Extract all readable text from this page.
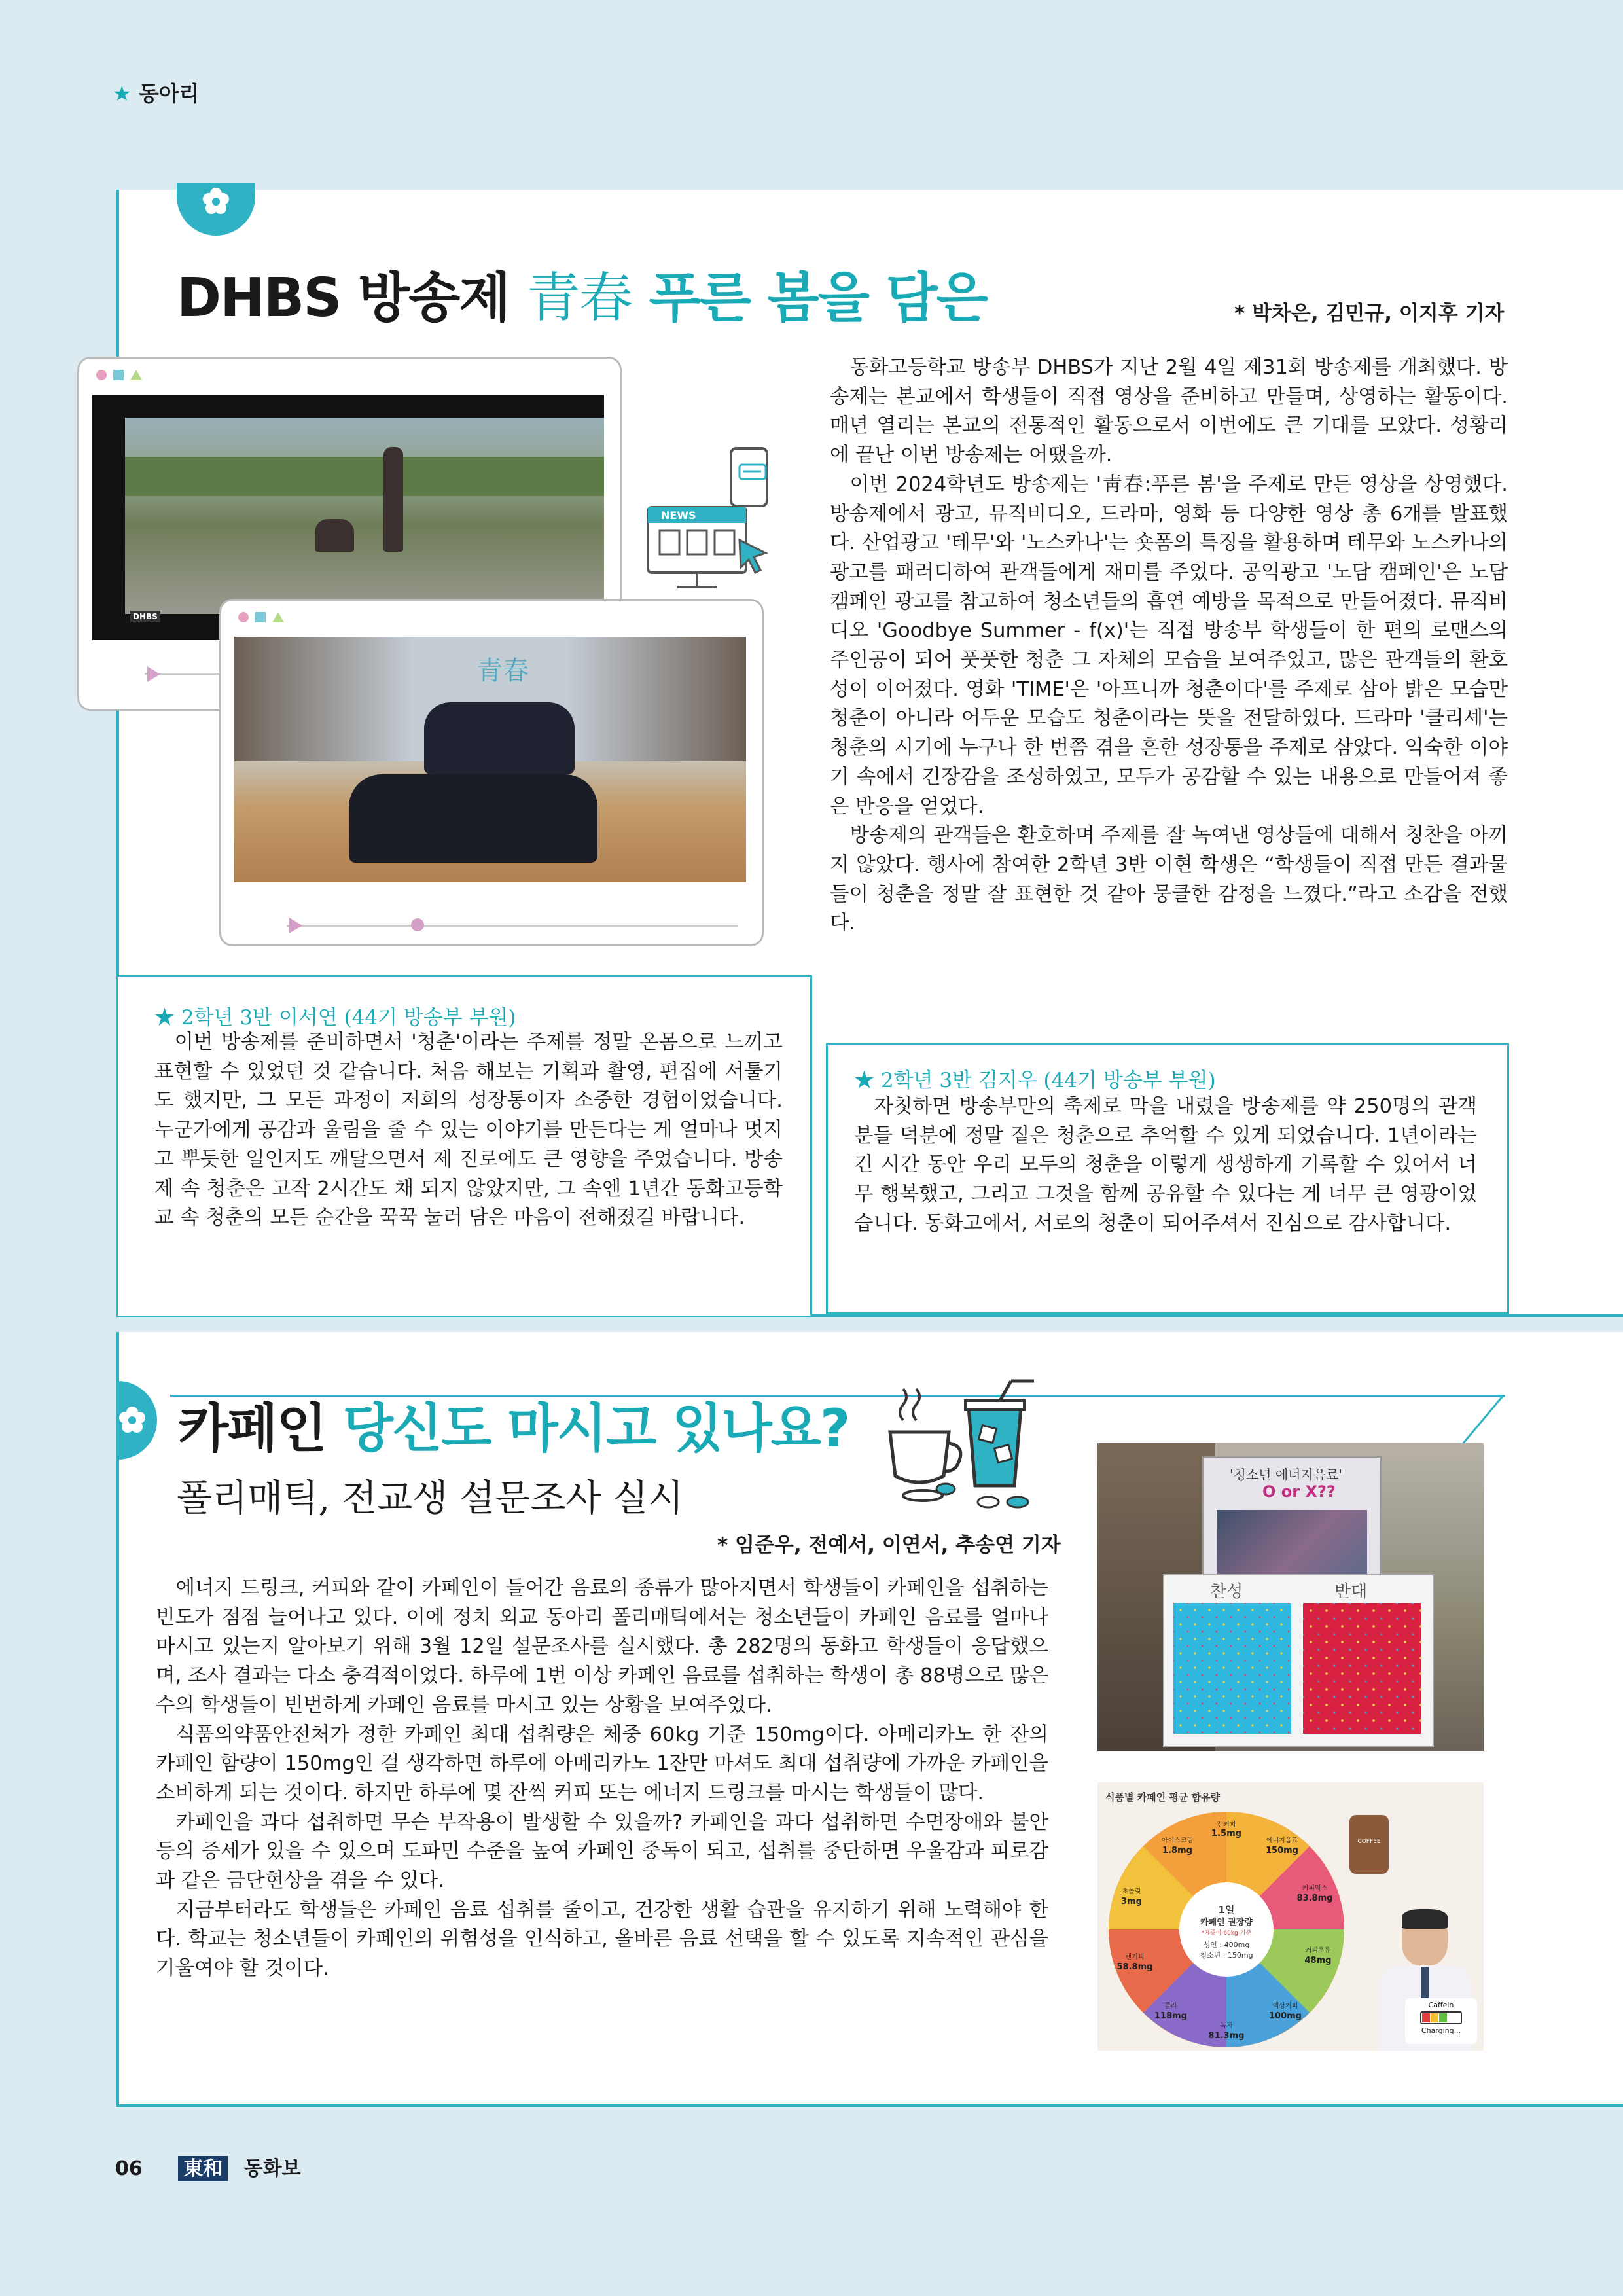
★ 동아리
DHBS 방송제 青春 푸른 봄을 담은	* 박차은, 김민규, 이지후 기자
DHBS
NEWS
青春

동화고등학교 방송부 DHBS가 지난 2월 4일 제31회 방송제를 개최했다. 방송제는 본교에서 학생들이 직접 영상을 준비하고 만들며, 상영하는 활동이다. 매년 열리는 본교의 전통적인 활동으로서 이번에도 큰 기대를 모았다. 성황리에 끝난 이번 방송제는 어땠을까.

이번 2024학년도 방송제는 '靑春:푸른 봄'을 주제로 만든 영상을 상영했다. 방송제에서 광고, 뮤직비디오, 드라마, 영화 등 다양한 영상 총 6개를 발표했다. 산업광고 '테무'와 '노스카나'는 숏폼의 특징을 활용하며 테무와 노스카나의 광고를 패러디하여 관객들에게 재미를 주었다. 공익광고 '노담 캠페인'은 노담 캠페인 광고를 참고하여 청소년들의 흡연 예방을 목적으로 만들어졌다. 뮤직비디오 'Goodbye Summer - f(x)'는 직접 방송부 학생들이 한 편의 로맨스의 주인공이 되어 풋풋한 청춘 그 자체의 모습을 보여주었고, 많은 관객들의 환호성이 이어졌다. 영화 'TIME'은 '아프니까 청춘이다'를 주제로 삼아 밝은 모습만 청춘이 아니라 어두운 모습도 청춘이라는 뜻을 전달하였다. 드라마 '클리셰'는 청춘의 시기에 누구나 한 번쯤 겪을 흔한 성장통을 주제로 삼았다. 익숙한 이야기 속에서 긴장감을 조성하였고, 모두가 공감할 수 있는 내용으로 만들어져 좋은 반응을 얻었다.

방송제의 관객들은 환호하며 주제를 잘 녹여낸 영상들에 대해서 칭찬을 아끼지 않았다. 행사에 참여한 2학년 3반 이현 학생은 “학생들이 직접 만든 결과물들이 청춘을 정말 잘 표현한 것 같아 뭉클한 감정을 느꼈다.”라고 소감을 전했다.

★ 2학년 3반 이서연 (44기 방송부 부원)

이번 방송제를 준비하면서 '청춘'이라는 주제를 정말 온몸으로 느끼고 표현할 수 있었던 것 같습니다. 처음 해보는 기획과 촬영, 편집에 서툴기도 했지만, 그 모든 과정이 저희의 성장통이자 소중한 경험이었습니다. 누군가에게 공감과 울림을 줄 수 있는 이야기를 만든다는 게 얼마나 멋지고 뿌듯한 일인지도 깨달으면서 제 진로에도 큰 영향을 주었습니다. 방송제 속 청춘은 고작 2시간도 채 되지 않았지만, 그 속엔 1년간 동화고등학교 속 청춘의 모든 순간을 꾹꾹 눌러 담은 마음이 전해졌길 바랍니다.

★ 2학년 3반 김지우 (44기 방송부 부원)

자칫하면 방송부만의 축제로 막을 내렸을 방송제를 약 250명의 관객분들 덕분에 정말 짙은 청춘으로 추억할 수 있게 되었습니다. 1년이라는 긴 시간 동안 우리 모두의 청춘을 이렇게 생생하게 기록할 수 있어서 너무 행복했고, 그리고 그것을 함께 공유할 수 있다는 게 너무 큰 영광이었습니다. 동화고에서, 서로의 청춘이 되어주셔서 진심으로 감사합니다.

카페인 당신도 마시고 있나요?
폴리매틱, 전교생 설문조사 실시
* 임준우, 전예서, 이연서, 추송연 기자

에너지 드링크, 커피와 같이 카페인이 들어간 음료의 종류가 많아지면서 학생들이 카페인을 섭취하는 빈도가 점점 늘어나고 있다. 이에 정치 외교 동아리 폴리매틱에서는 청소년들이 카페인 음료를 얼마나 마시고 있는지 알아보기 위해 3월 12일 설문조사를 실시했다. 총 282명의 동화고 학생들이 응답했으며, 조사 결과는 다소 충격적이었다. 하루에 1번 이상 카페인 음료를 섭취하는 학생이 총 88명으로 많은 수의 학생들이 빈번하게 카페인 음료를 마시고 있는 상황을 보여주었다.

식품의약품안전처가 정한 카페인 최대 섭취량은 체중 60kg 기준 150mg이다. 아메리카노 한 잔의 카페인 함량이 150mg인 걸 생각하면 하루에 아메리카노 1잔만 마셔도 최대 섭취량에 가까운 카페인을 소비하게 되는 것이다. 하지만 하루에 몇 잔씩 커피 또는 에너지 드링크를 마시는 학생들이 많다.

카페인을 과다 섭취하면 무슨 부작용이 발생할 수 있을까? 카페인을 과다 섭취하면 수면장애와 불안 등의 증세가 있을 수 있으며 도파민 수준을 높여 카페인 중독이 되고, 섭취를 중단하면 우울감과 피로감과 같은 금단현상을 겪을 수 있다.

지금부터라도 학생들은 카페인 음료 섭취를 줄이고, 건강한 생활 습관을 유지하기 위해 노력해야 한다. 학교는 청소년들이 카페인의 위험성을 인식하고, 올바른 음료 선택을 할 수 있도록 지속적인 관심을 기울여야 할 것이다.

'청소년 에너지음료'
O or X??
찬성	반대
식품별 카페인 평균 함유량
1일
카페인 권장량
*체중이 60kg 기준
성인 : 400mg
청소년 : 150mg
캔커피
1.5mg
아이스크림
1.8mg
에너지음료
150mg
커피믹스
83.8mg
커피우유
48mg
액상커피
100mg
녹차
81.3mg
콜라
118mg
캔커피
58.8mg
초콜릿
3mg
COFFEE
Caffein
Charging...
06 東和 동화보
